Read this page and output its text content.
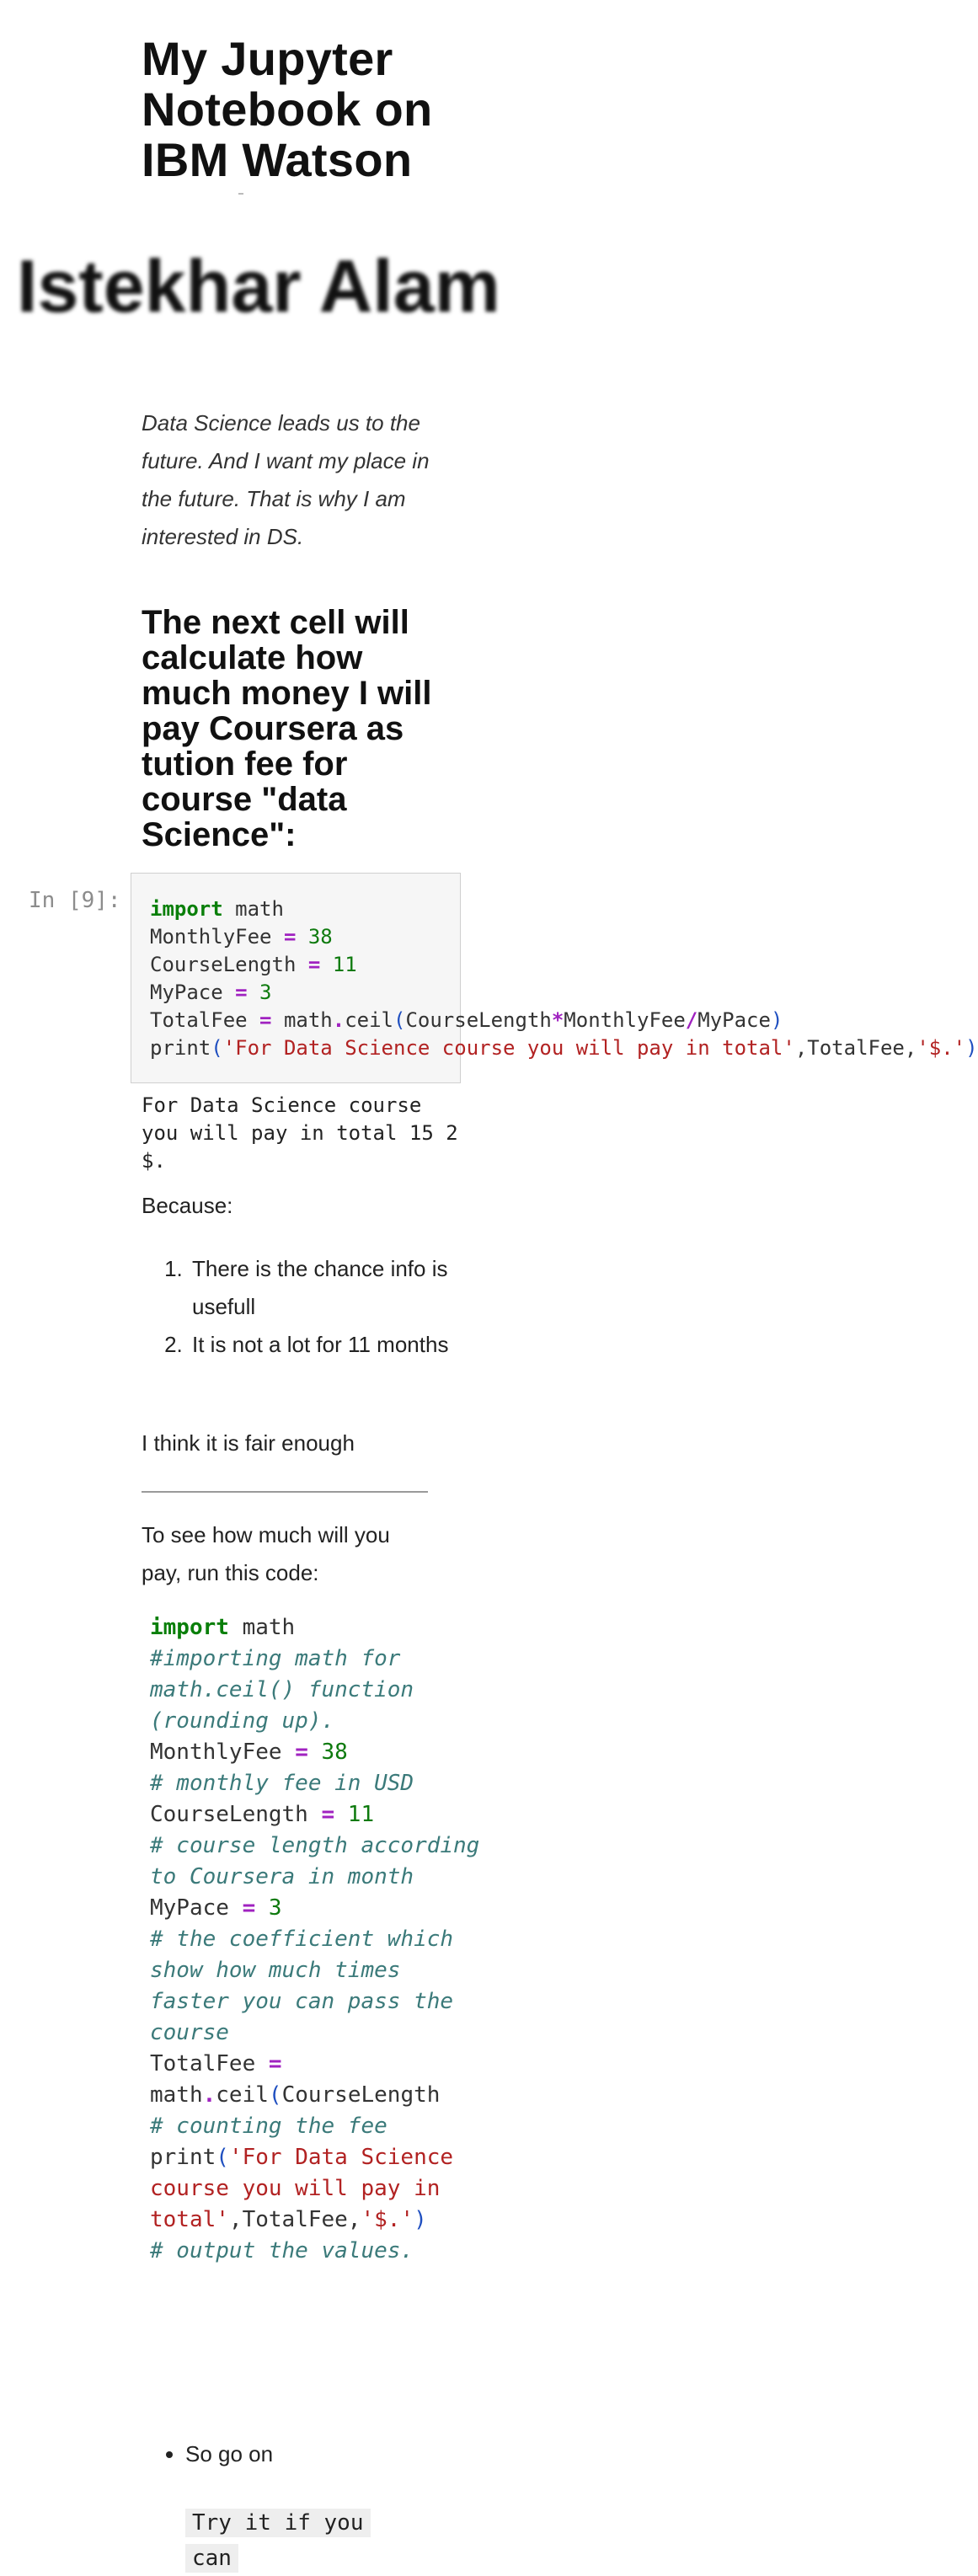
My Jupyter Notebook on IBM Watson
Istekhar Alam

Data Science leads us to the future. And I want my place in the future. That is why I am interested in DS.

The next cell will calculate how much money I will pay Coursera as tution fee for course "data Science":
In [9]:	import math
MonthlyFee = 38
CourseLength = 11
MyPace = 3
TotalFee = math.ceil(CourseLength*MonthlyFee/MyPace)
print('For Data Science course you will pay in total',TotalFee,'$.')
For Data Science course you will pay in total 15 2 $.

Because:

1. There is the chance info is usefull
2. It is not a lot for 11 months

I think it is fair enough

To see how much will you pay, run this code:

import math
#importing math for math.ceil() function (rounding up).
MonthlyFee = 38
# monthly fee in USD
CourseLength = 11
# course length according to Coursera in month
MyPace = 3
# the coefficient which show how much times faster you can pass the course
TotalFee = math.ceil(CourseLength
# counting the fee
print('For Data Science course you will pay in total',TotalFee,'$.')
# output the values.
• So go on

Try it if you can
